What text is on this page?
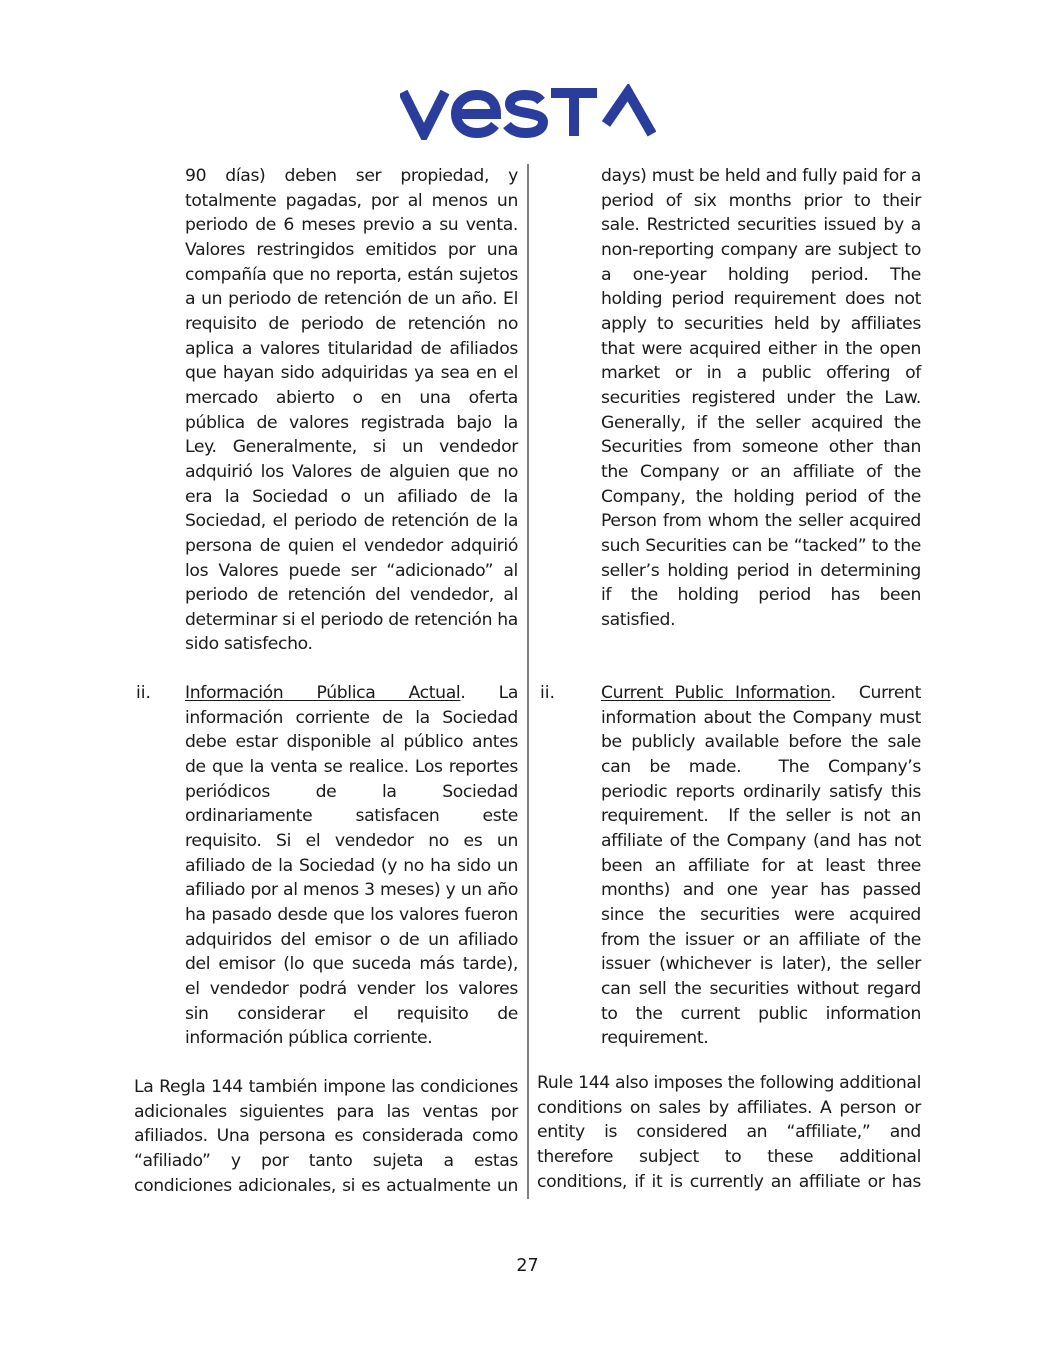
90 días) deben ser propiedad, y totalmente pagadas, por al menos un periodo de 6 meses previo a su venta. Valores restringidos emitidos por una compañía que no reporta, están sujetos a un periodo de retención de un año. El requisito de periodo de retención no aplica a valores titularidad de afiliados que hayan sido adquiridas ya sea en el mercado abierto o en una oferta pública de valores registrada bajo la Ley. Generalmente, si un vendedor adquirió los Valores de alguien que no era la Sociedad o un afiliado de la Sociedad, el periodo de retención de la persona de quien el vendedor adquirió los Valores puede ser “adicionado” al periodo de retención del vendedor, al determinar si el periodo de retención ha sido satisfecho.

ii. Información Pública Actual. La información corriente de la Sociedad debe estar disponible al público antes de que la venta se realice. Los reportes periódicos de la Sociedad ordinariamente satisfacen este requisito. Si el vendedor no es un afiliado de la Sociedad (y no ha sido un afiliado por al menos 3 meses) y un año ha pasado desde que los valores fueron adquiridos del emisor o de un afiliado del emisor (lo que suceda más tarde), el vendedor podrá vender los valores sin considerar el requisito de información pública corriente.

La Regla 144 también impone las condiciones adicionales siguientes para las ventas por afiliados. Una persona es considerada como “afiliado” y por tanto sujeta a estas condiciones adicionales, si es actualmente un

days) must be held and fully paid for a period of six months prior to their sale. Restricted securities issued by a non-reporting company are subject to a one-year holding period. The holding period requirement does not apply to securities held by affiliates that were acquired either in the open market or in a public offering of securities registered under the Law. Generally, if the seller acquired the Securities from someone other than the Company or an affiliate of the Company, the holding period of the Person from whom the seller acquired such Securities can be “tacked” to the seller’s holding period in determining if the holding period has been satisfied.

ii.	Current Public Information.  Current information about the Company must be publicly available before the sale can be made.  The Company’s periodic reports ordinarily satisfy this requirement.  If the seller is not an affiliate of the Company (and has not been an affiliate for at least three months) and one year has passed since the securities were acquired from the issuer or an affiliate of the issuer (whichever is later), the seller can sell the securities without regard to the current public information requirement.

Rule 144 also imposes the following additional conditions on sales by affiliates. A person or entity is considered an “affiliate,” and therefore subject to these additional conditions, if it is currently an affiliate or has

27
